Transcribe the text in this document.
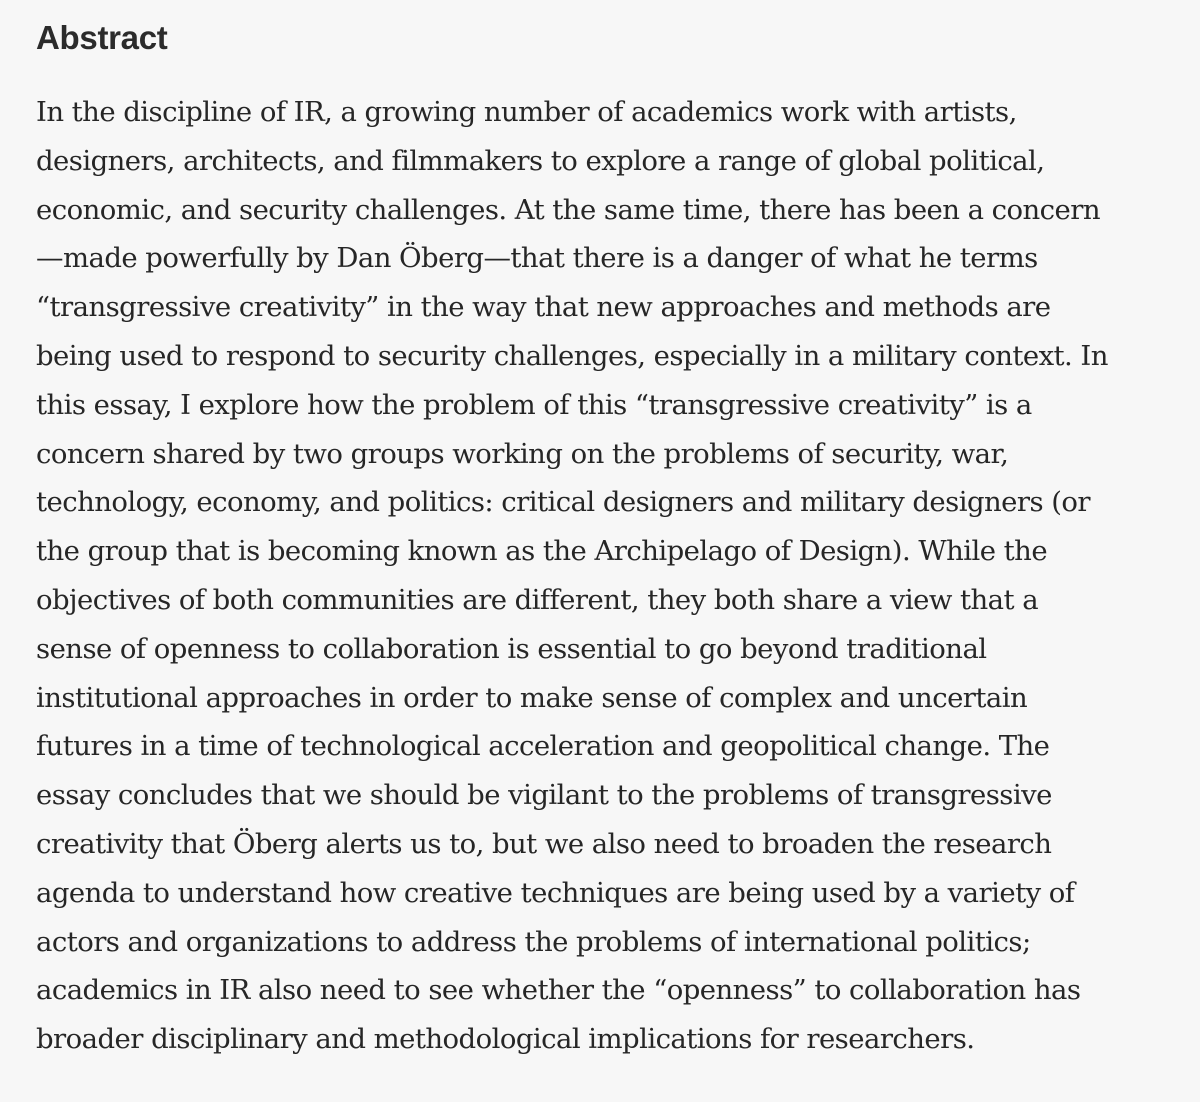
Abstract

In the discipline of IR, a growing number of academics work with artists,
designers, architects, and filmmakers to explore a range of global political,
economic, and security challenges. At the same time, there has been a concern
—made powerfully by Dan Öberg—that there is a danger of what he terms
“transgressive creativity” in the way that new approaches and methods are
being used to respond to security challenges, especially in a military context. In
this essay, I explore how the problem of this “transgressive creativity” is a
concern shared by two groups working on the problems of security, war,
technology, economy, and politics: critical designers and military designers (or
the group that is becoming known as the Archipelago of Design). While the
objectives of both communities are different, they both share a view that a
sense of openness to collaboration is essential to go beyond traditional
institutional approaches in order to make sense of complex and uncertain
futures in a time of technological acceleration and geopolitical change. The
essay concludes that we should be vigilant to the problems of transgressive
creativity that Öberg alerts us to, but we also need to broaden the research
agenda to understand how creative techniques are being used by a variety of
actors and organizations to address the problems of international politics;
academics in IR also need to see whether the “openness” to collaboration has
broader disciplinary and methodological implications for researchers.
